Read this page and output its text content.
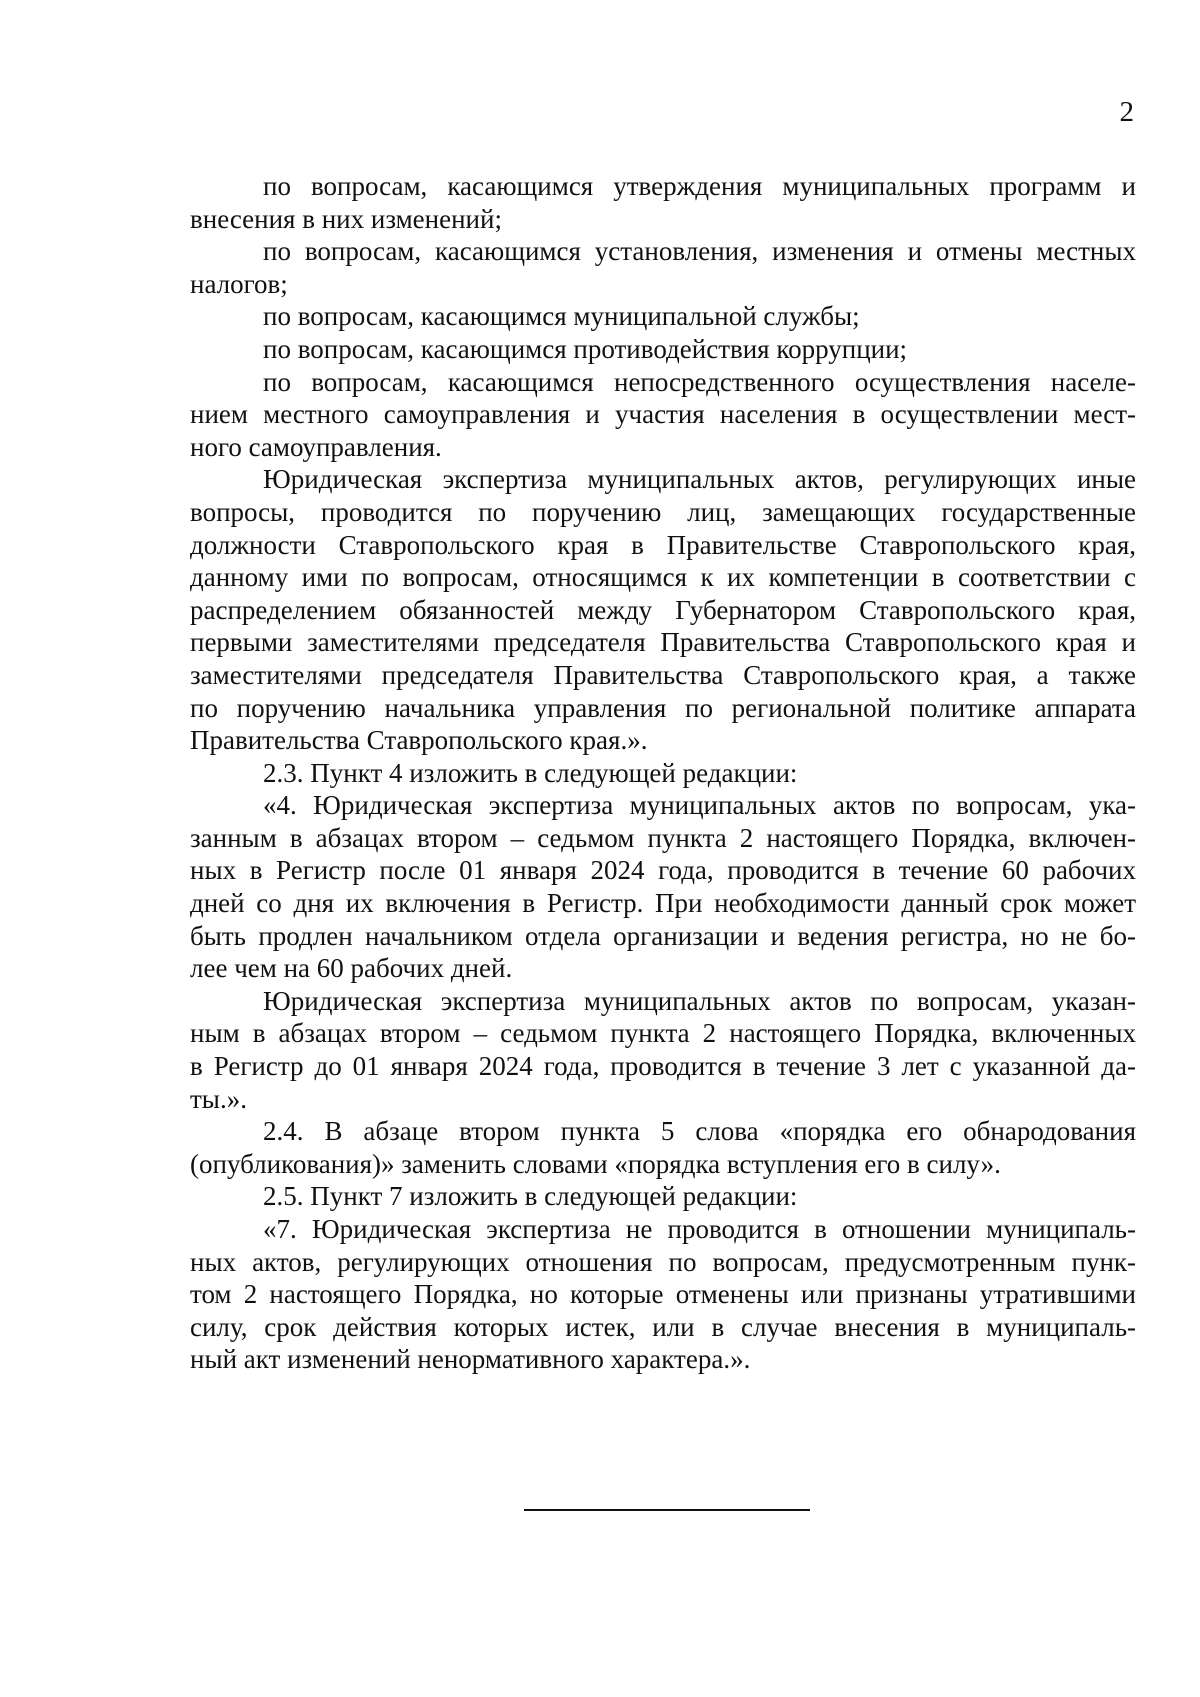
2
по вопросам, касающимся утверждения муниципальных программ и
внесения в них изменений;
по вопросам, касающимся установления, изменения и отмены местных
налогов;
по вопросам, касающимся муниципальной службы;
по вопросам, касающимся противодействия коррупции;
по вопросам, касающимся непосредственного осуществления населе-
нием местного самоуправления и участия населения в осуществлении мест-
ного самоуправления.
Юридическая экспертиза муниципальных актов, регулирующих иные
вопросы, проводится по поручению лиц, замещающих государственные
должности Ставропольского края в Правительстве Ставропольского края,
данному ими по вопросам, относящимся к их компетенции в соответствии с
распределением обязанностей между Губернатором Ставропольского края,
первыми заместителями председателя Правительства Ставропольского края и
заместителями председателя Правительства Ставропольского края, а также
по поручению начальника управления по региональной политике аппарата
Правительства Ставропольского края.».
2.3. Пункт 4 изложить в следующей редакции:
«4. Юридическая экспертиза муниципальных актов по вопросам, ука-
занным в абзацах втором – седьмом пункта 2 настоящего Порядка, включен-
ных в Регистр после 01 января 2024 года, проводится в течение 60 рабочих
дней со дня их включения в Регистр. При необходимости данный срок может
быть продлен начальником отдела организации и ведения регистра, но не бо-
лее чем на 60 рабочих дней.
Юридическая экспертиза муниципальных актов по вопросам, указан-
ным в абзацах втором – седьмом пункта 2 настоящего Порядка, включенных
в Регистр до 01 января 2024 года, проводится в течение 3 лет с указанной да-
ты.».
2.4. В абзаце втором пункта 5 слова «порядка его обнародования
(опубликования)» заменить словами «порядка вступления его в силу».
2.5. Пункт 7 изложить в следующей редакции:
«7. Юридическая экспертиза не проводится в отношении муниципаль-
ных актов, регулирующих отношения по вопросам, предусмотренным пунк-
том 2 настоящего Порядка, но которые отменены или признаны утратившими
силу, срок действия которых истек, или в случае внесения в муниципаль-
ный акт изменений ненормативного характера.».
